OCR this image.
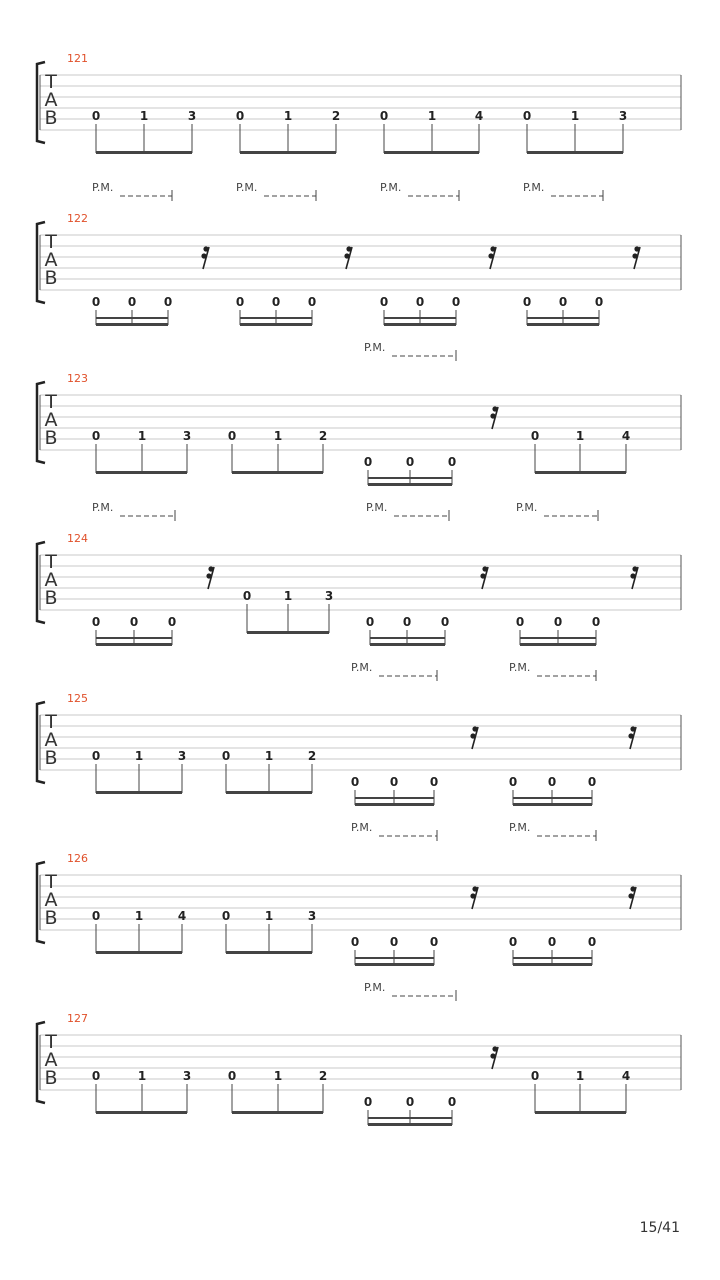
121
T
A
B	0	1	3	0	1	2	0	1	4	0	1	3
122
T
A
B
P.M.	P.M.	P.M.	P.M.
0 0 0	0 0 0	0 0 0	0 0 0
123
T
A
B
P.M.
0	1	3	0	1	2
0	0	0
0	1	4
124
T
A
B
P.M.	P.M.	P.M.
0 0 0
0	1	3
0 0 0	0 0 0
125
T
A
B
P.M.	P.M.
0	1	3	0	1	2
0	0	0	0	0	0
126
T
A
B
P.M.	P.M.
0	1	4	0	1	3
0	0	0	0	0	0
127
T
A
B
P.M.
0	1	3	0	1	2
0	0	0
0	1	4
15/41
